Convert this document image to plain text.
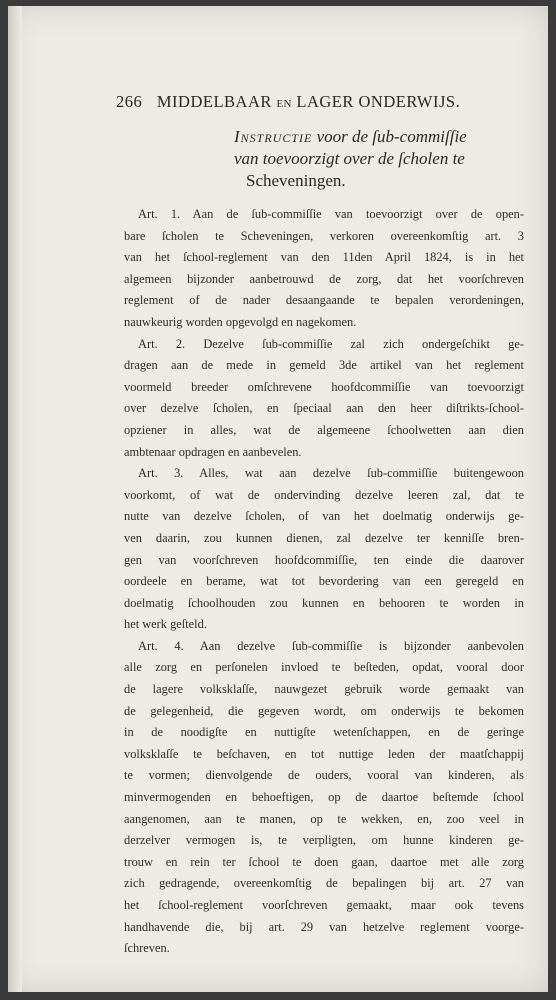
266 MIDDELBAAR EN LAGER ONDERWIJS.
Instructie voor de ſub-commiſſie
van toevoorzigt over de ſcholen te
Scheveningen.
Art. 1. Aan de ſub-commiſſie van toevoorzigt over de open-
bare ſcholen te Scheveningen, verkoren overeenkomſtig art. 3
van het ſchool-reglement van den 11den April 1824, is in het
algemeen bijzonder aanbetrouwd de zorg, dat het voorſchreven
reglement of de nader desaangaande te bepalen verordeningen,
nauwkeurig worden opgevolgd en nagekomen.
Art. 2. Dezelve ſub-commiſſie zal zich ondergeſchikt ge-
dragen aan de mede in gemeld 3de artikel van het reglement
voormeld breeder omſchrevene hoofdcommiſſie van toevoorzigt
over dezelve ſcholen, en ſpeciaal aan den heer diſtrikts-ſchool-
opziener in alles, wat de algemeene ſchoolwetten aan dien
ambtenaar opdragen en aanbevelen.
Art. 3. Alles, wat aan dezelve ſub-commiſſie buitengewoon
voorkomt, of wat de ondervinding dezelve leeren zal, dat te
nutte van dezelve ſcholen, of van het doelmatig onderwijs ge-
ven daarin, zou kunnen dienen, zal dezelve ter kenniſſe bren-
gen van voorſchreven hoofdcommiſſie, ten einde die daarover
oordeele en berame, wat tot bevordering van een geregeld en
doelmatig ſchoolhouden zou kunnen en behooren te worden in
het werk geſteld.
Art. 4. Aan dezelve ſub-commiſſie is bijzonder aanbevolen
alle zorg en perſonelen invloed te beſteden, opdat, vooral door
de lagere volksklaſſe, nauwgezet gebruik worde gemaakt van
de gelegenheid, die gegeven wordt, om onderwijs te bekomen
in de noodigſte en nuttigſte wetenſchappen, en de geringe
volksklaſſe te beſchaven, en tot nuttige leden der maatſchappij
te vormen; dienvolgende de ouders, vooral van kinderen, als
minvermogenden en behoeftigen, op de daartoe beſtemde ſchool
aangenomen, aan te manen, op te wekken, en, zoo veel in
derzelver vermogen is, te verpligten, om hunne kinderen ge-
trouw en rein ter ſchool te doen gaan, daartoe met alle zorg
zich gedragende, overeenkomſtig de bepalingen bij art. 27 van
het ſchool-reglement voorſchreven gemaakt, maar ook tevens
handhavende die, bij art. 29 van hetzelve reglement voorge-
ſchreven.
